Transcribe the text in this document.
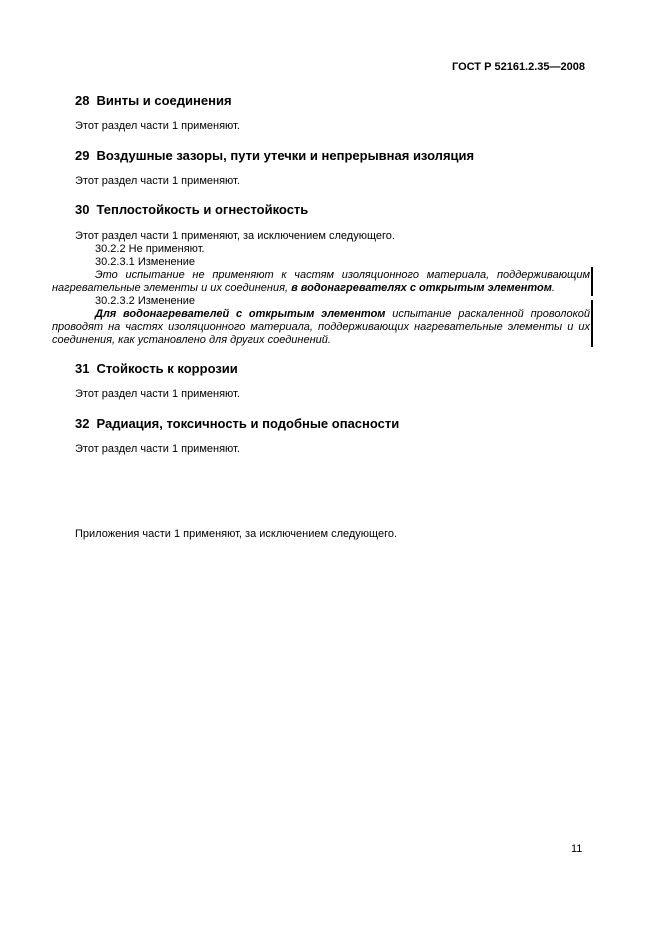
ГОСТ Р 52161.2.35—2008
28 Винты и соединения
Этот раздел части 1 применяют.
29 Воздушные зазоры, пути утечки и непрерывная изоляция
Этот раздел части 1 применяют.
30 Теплостойкость и огнестойкость
Этот раздел части 1 применяют, за исключением следующего.
30.2.2 Не применяют.
30.2.3.1 Изменение
Это испытание не применяют к частям изоляционного материала, поддерживающим нагревательные элементы и их соединения, в водонагревателях с открытым элементом.
30.2.3.2 Изменение
Для водонагревателей с открытым элементом испытание раскаленной проволокой проводят на частях изоляционного материала, поддерживающих нагревательные элементы и их соединения, как установлено для других соединений.
31 Стойкость к коррозии
Этот раздел части 1 применяют.
32 Радиация, токсичность и подобные опасности
Этот раздел части 1 применяют.
Приложения части 1 применяют, за исключением следующего.
11
